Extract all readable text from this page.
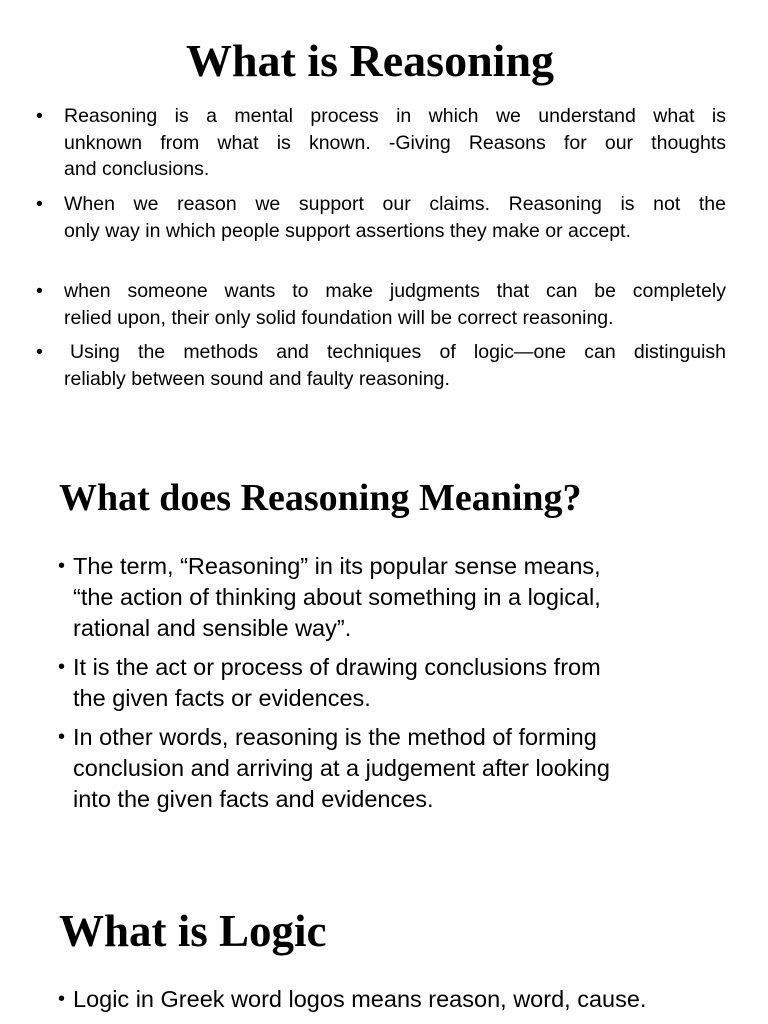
What is Reasoning
• Reasoning is a mental process in which we understand what is
unknown from what is known. -Giving Reasons for our thoughts
and conclusions.
• When we reason we support our claims. Reasoning is not the
only way in which people support assertions they make or accept.
• when someone wants to make judgments that can be completely
relied upon, their only solid foundation will be correct reasoning.
•	Using the methods and techniques of logic—one can distinguish
reliably between sound and faulty reasoning.
What does Reasoning Meaning?
• The term, “Reasoning” in its popular sense means,
“the action of thinking about something in a logical,
rational and sensible way”.
• It is the act or process of drawing conclusions from
the given facts or evidences.
• In other words, reasoning is the method of forming
conclusion and arriving at a judgement after looking
into the given facts and evidences.
What is Logic
• Logic in Greek word logos means reason, word, cause.
